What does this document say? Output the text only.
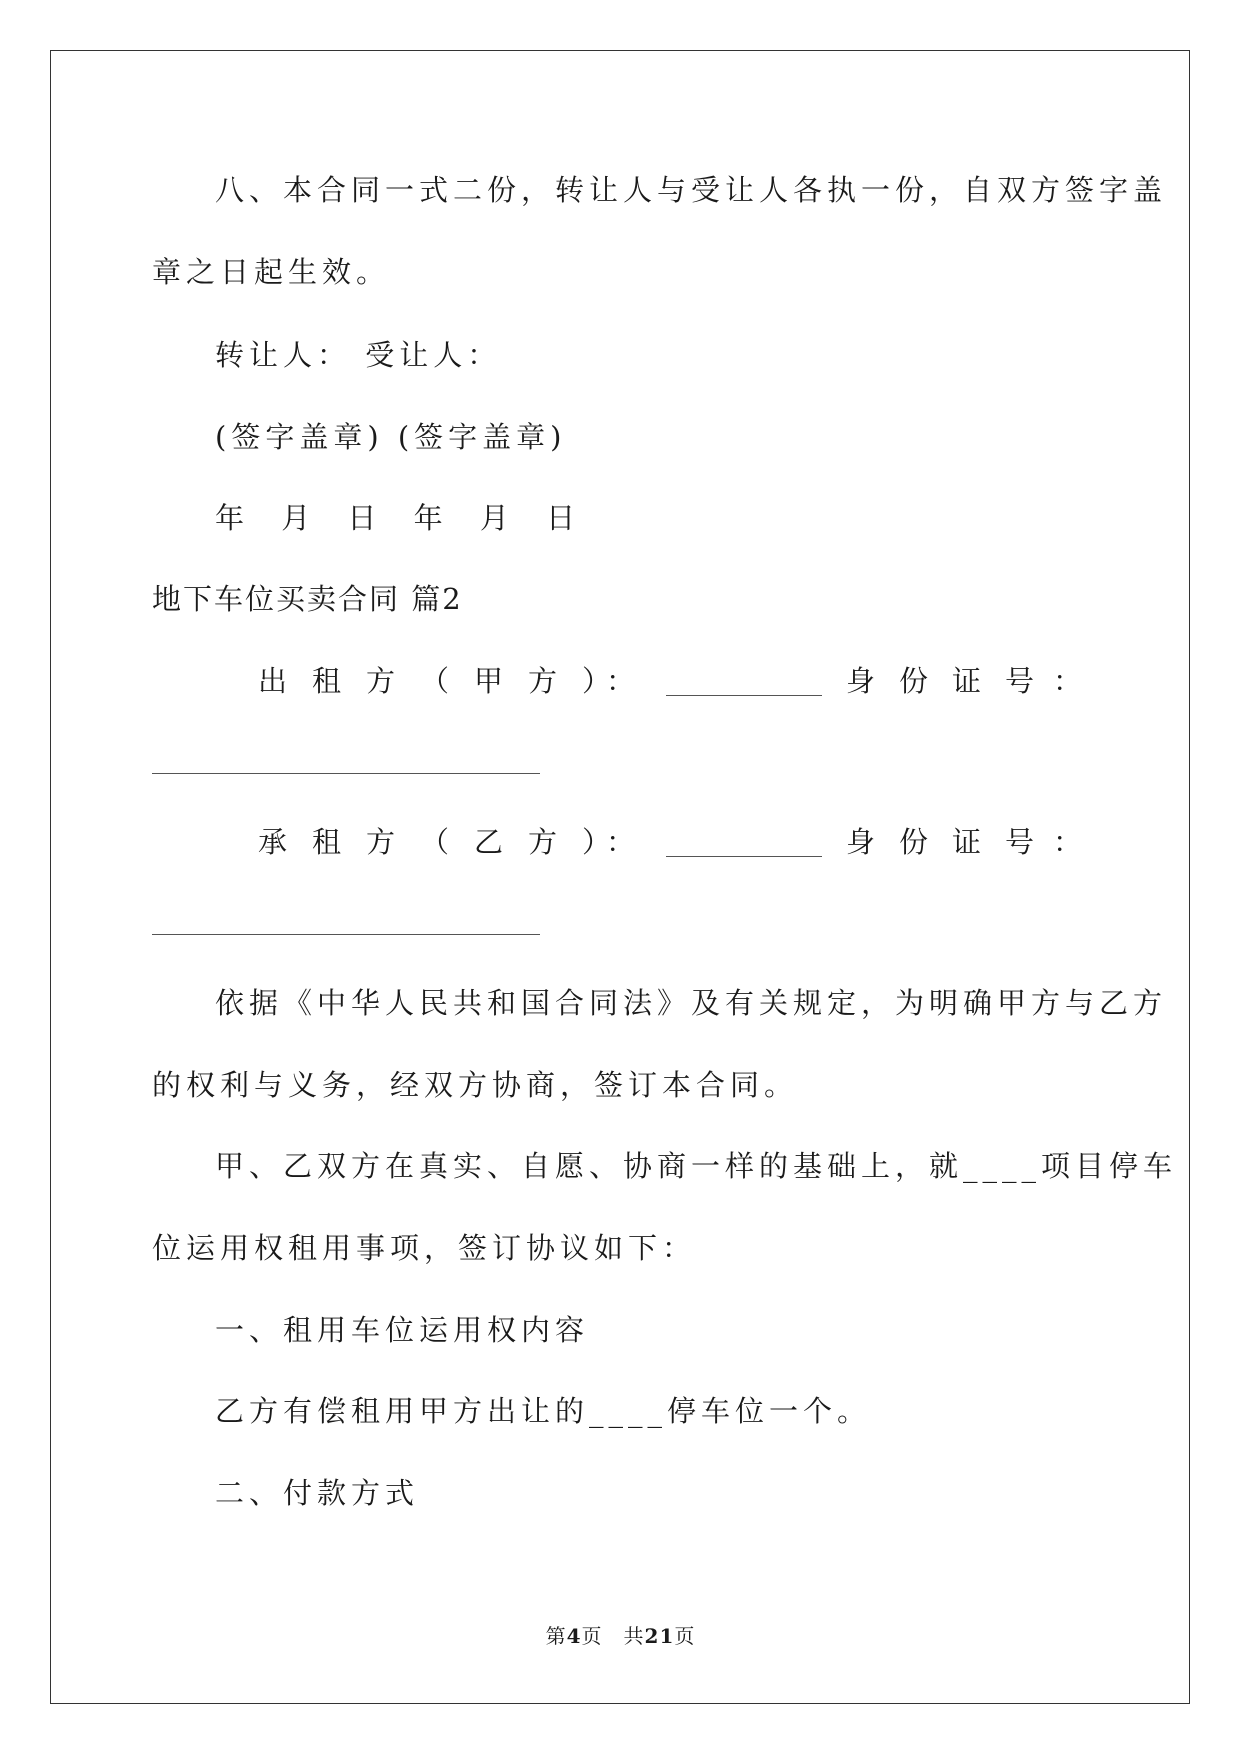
八、本合同一式二份，转让人与受让人各执一份，自双方签字盖
章之日起生效。
转让人： 受让人：
(签字盖章) (签字盖章)
年 月 日 年 月 日
地下车位买卖合同 篇2
出 租 方 （ 甲 方 ）
：	身 份 证 号 ：
承 租 方 （ 乙 方 ）
：	身 份 证 号 ：
依据《中华人民共和国合同法》及有关规定，为明确甲方与乙方
的权利与义务，经双方协商，签订本合同。
甲、乙双方在真实、自愿、协商一样的基础上，就____项目停车
位运用权租用事项，签订协议如下：
一、租用车位运用权内容
乙方有偿租用甲方出让的____停车位一个。
二、付款方式
第4页　共21页
